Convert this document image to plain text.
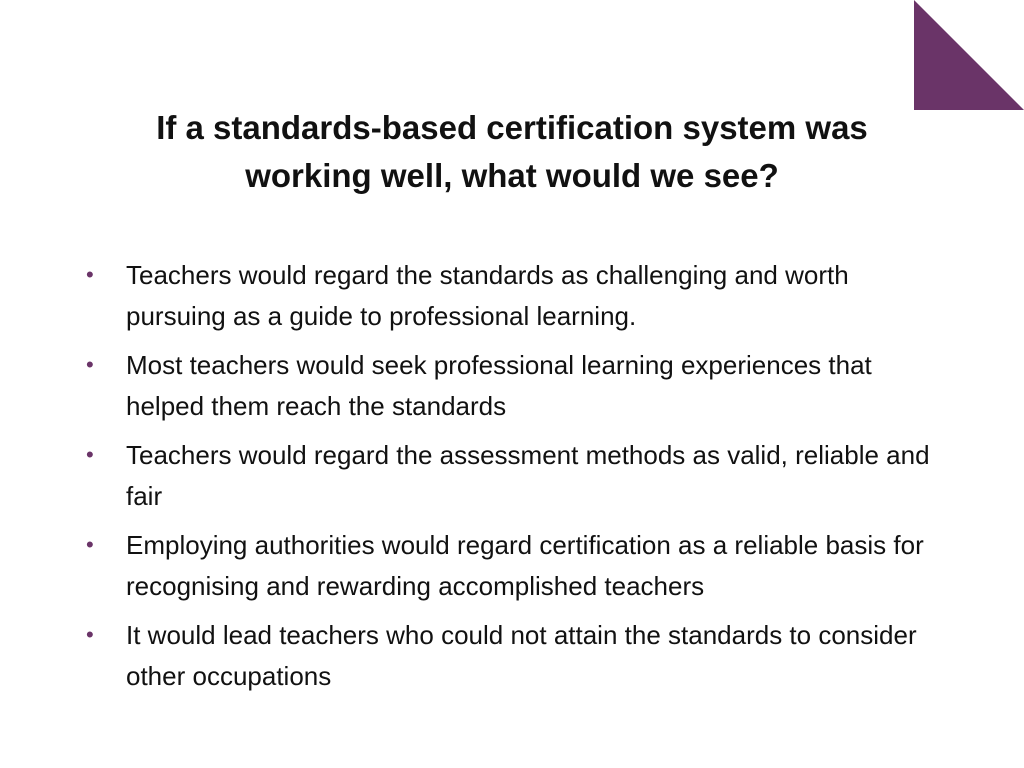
If a standards-based certification system was
working well, what would we see?
• Teachers would regard the standards as challenging and worth pursuing as a guide to professional learning.
• Most teachers would seek professional learning experiences that helped them reach the standards
• Teachers would regard the assessment methods as valid, reliable and fair
• Employing authorities would regard certification as a reliable basis for recognising and rewarding accomplished teachers
• It would lead teachers who could not attain the standards to consider other occupations
